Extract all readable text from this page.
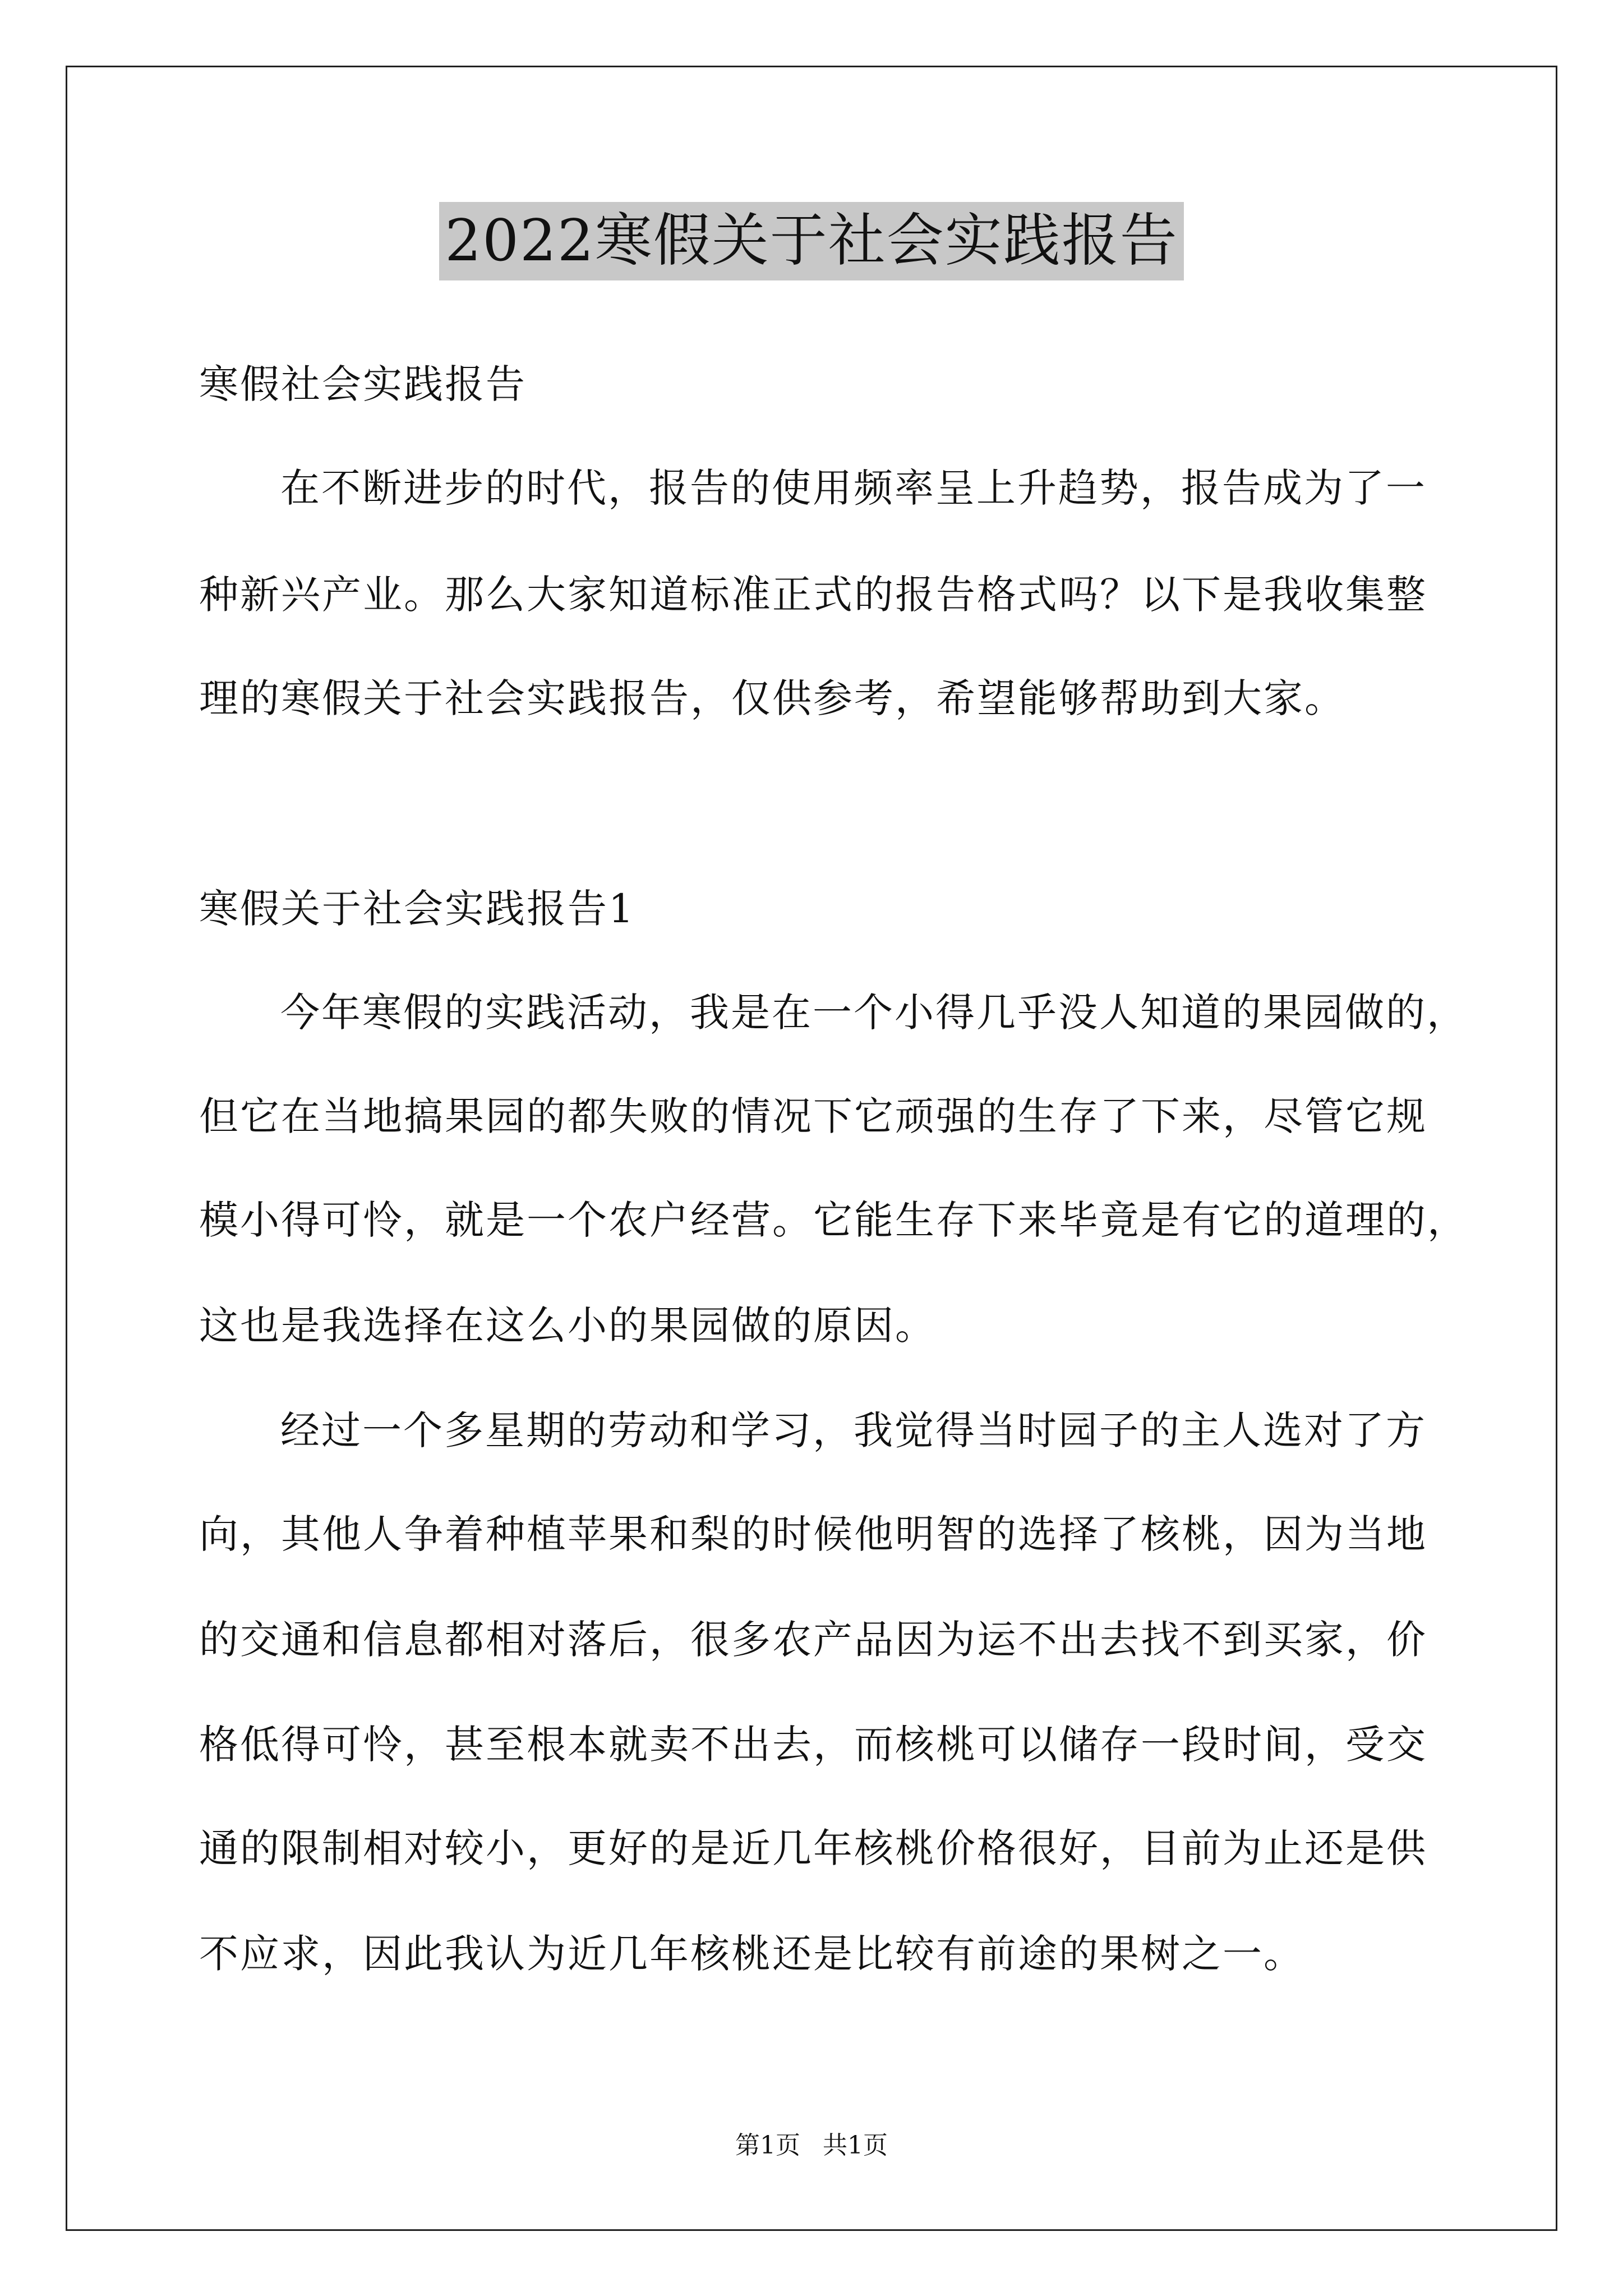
2022寒假关于社会实践报告
寒假社会实践报告
在不断进步的时代，报告的使用频率呈上升趋势，报告成为了一
种新兴产业。那么大家知道标准正式的报告格式吗？以下是我收集整
理的寒假关于社会实践报告，仅供参考，希望能够帮助到大家。
寒假关于社会实践报告1
今年寒假的实践活动，我是在一个小得几乎没人知道的果园做的，
但它在当地搞果园的都失败的情况下它顽强的生存了下来，尽管它规
模小得可怜，就是一个农户经营。它能生存下来毕竟是有它的道理的，
这也是我选择在这么小的果园做的原因。
经过一个多星期的劳动和学习，我觉得当时园子的主人选对了方
向，其他人争着种植苹果和梨的时候他明智的选择了核桃，因为当地
的交通和信息都相对落后，很多农产品因为运不出去找不到买家，价
格低得可怜，甚至根本就卖不出去，而核桃可以储存一段时间，受交
通的限制相对较小，更好的是近几年核桃价格很好，目前为止还是供
不应求，因此我认为近几年核桃还是比较有前途的果树之一。
第1页 共1页
